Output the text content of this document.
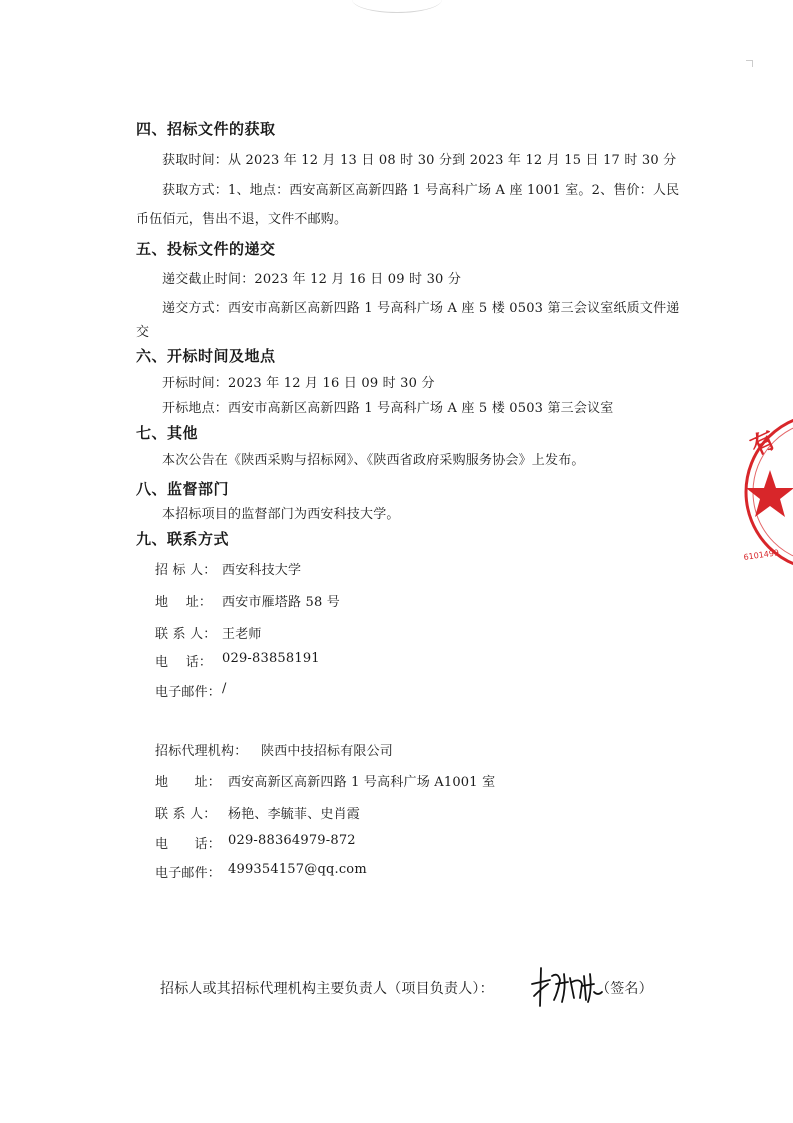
四、招标文件的获取
获取时间：从 2023 年 12 月 13 日 08 时 30 分到 2023 年 12 月 15 日 17 时 30 分
获取方式：1、地点：西安高新区高新四路 1 号高科广场 A 座 1001 室。2、售价：人民
币伍佰元，售出不退，文件不邮购。
五、投标文件的递交
递交截止时间：2023 年 12 月 16 日 09 时 30 分
递交方式：西安市高新区高新四路 1 号高科广场 A 座 5 楼 0503 第三会议室纸质文件递
交
六、开标时间及地点
开标时间：2023 年 12 月 16 日 09 时 30 分
开标地点：西安市高新区高新四路 1 号高科广场 A 座 5 楼 0503 第三会议室
七、其他
本次公告在《陕西采购与招标网》、《陕西省政府采购服务协会》上发布。
八、监督部门
本招标项目的监督部门为西安科技大学。
九、联系方式
招 标 人： 西安科技大学
地　 址： 西安市雁塔路 58 号
联 系 人： 王老师
电　 话： 029-83858191
电子邮件： /
招标代理机构： 陕西中技招标有限公司
地　　址： 西安高新区高新四路 1 号高科广场 A1001 室
联 系 人： 杨艳、李毓菲、史肖霞
电　　话： 029-88364979-872
电子邮件： 499354157@qq.com
招标人或其招标代理机构主要负责人（项目负责人）：	（签名）
有
6101499
